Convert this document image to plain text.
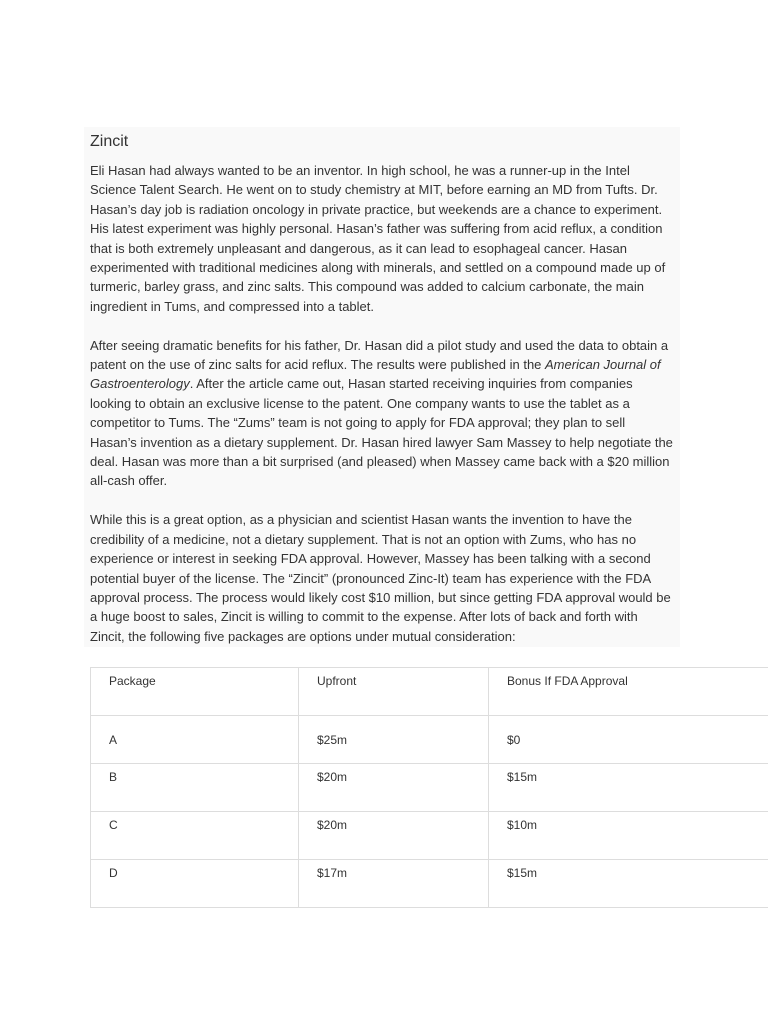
Zincit

Eli Hasan had always wanted to be an inventor. In high school, he was a runner-up in the Intel Science Talent Search. He went on to study chemistry at MIT, before earning an MD from Tufts. Dr. Hasan’s day job is radiation oncology in private practice, but weekends are a chance to experiment. His latest experiment was highly personal. Hasan’s father was suffering from acid reflux, a condition that is both extremely unpleasant and dangerous, as it can lead to esophageal cancer. Hasan experimented with traditional medicines along with minerals, and settled on a compound made up of turmeric, barley grass, and zinc salts. This compound was added to calcium carbonate, the main ingredient in Tums, and compressed into a tablet.

After seeing dramatic benefits for his father, Dr. Hasan did a pilot study and used the data to obtain a patent on the use of zinc salts for acid reflux. The results were published in the American Journal of Gastroenterology. After the article came out, Hasan started receiving inquiries from companies looking to obtain an exclusive license to the patent. One company wants to use the tablet as a competitor to Tums. The “Zums” team is not going to apply for FDA approval; they plan to sell Hasan’s invention as a dietary supplement. Dr. Hasan hired lawyer Sam Massey to help negotiate the deal. Hasan was more than a bit surprised (and pleased) when Massey came back with a $20 million all-cash offer.

While this is a great option, as a physician and scientist Hasan wants the invention to have the credibility of a medicine, not a dietary supplement. That is not an option with Zums, who has no experience or interest in seeking FDA approval. However, Massey has been talking with a second potential buyer of the license. The “Zincit” (pronounced Zinc-It) team has experience with the FDA approval process. The process would likely cost $10 million, but since getting FDA approval would be a huge boost to sales, Zincit is willing to commit to the expense. After lots of back and forth with Zincit, the following five packages are options under mutual consideration:

Package	Upfront	Bonus If FDA Approval
A	$25m	$0
B	$20m	$15m
C	$20m	$10m
D	$17m	$15m
